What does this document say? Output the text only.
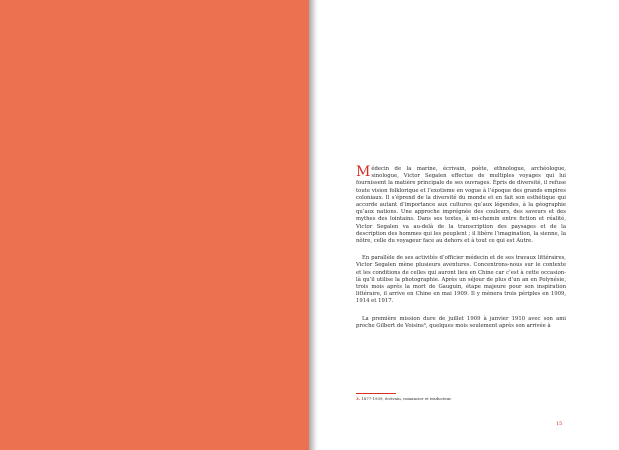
Médecin de la marine, écrivain, poète, ethnologue, archéologue, sinologue, Victor Segalen effectue de multiples voyages qui lui fournissent la matière principale de ses ouvrages. Épris de diversité, il refuse toute vision folklorique et l’exotisme en vogue à l’époque des grands empires coloniaux. Il s’éprend de la diversité du monde et en fait son esthétique qui accorde autant d’importance aux cultures qu’aux légendes, à la géographie qu’aux nations. Une approche imprégnée des couleurs, des saveurs et des mythes des lointains. Dans ses textes, à mi-chemin entre fiction et réalité, Victor Segalen va au-delà de la transcription des paysages et de la description des hommes qui les peuplent ; il libère l’imagination, la sienne, la nôtre, celle du voyageur face au dehors et à tout ce qui est Autre.

En parallèle de ses activités d’officier médecin et de ses travaux littéraires, Victor Segalen mène plusieurs aventures. Concentrons-nous sur le contexte et les conditions de celles qui auront lieu en Chine car c’est à cette occasion-là qu’il utilise la photographie. Après un séjour de plus d’un an en Polynésie, trois mois après la mort de Gauguin, étape majeure pour son inspiration littéraire, il arrive en Chine en mai 1909. Il y mènera trois périples en 1909, 1914 et 1917.

La première mission dure de juillet 1909 à janvier 1910 avec son ami proche Gilbert de Voisins³, quelques mois seulement après son arrivée à

3. 1877-1939, écrivain, romancier et traducteur.
15
